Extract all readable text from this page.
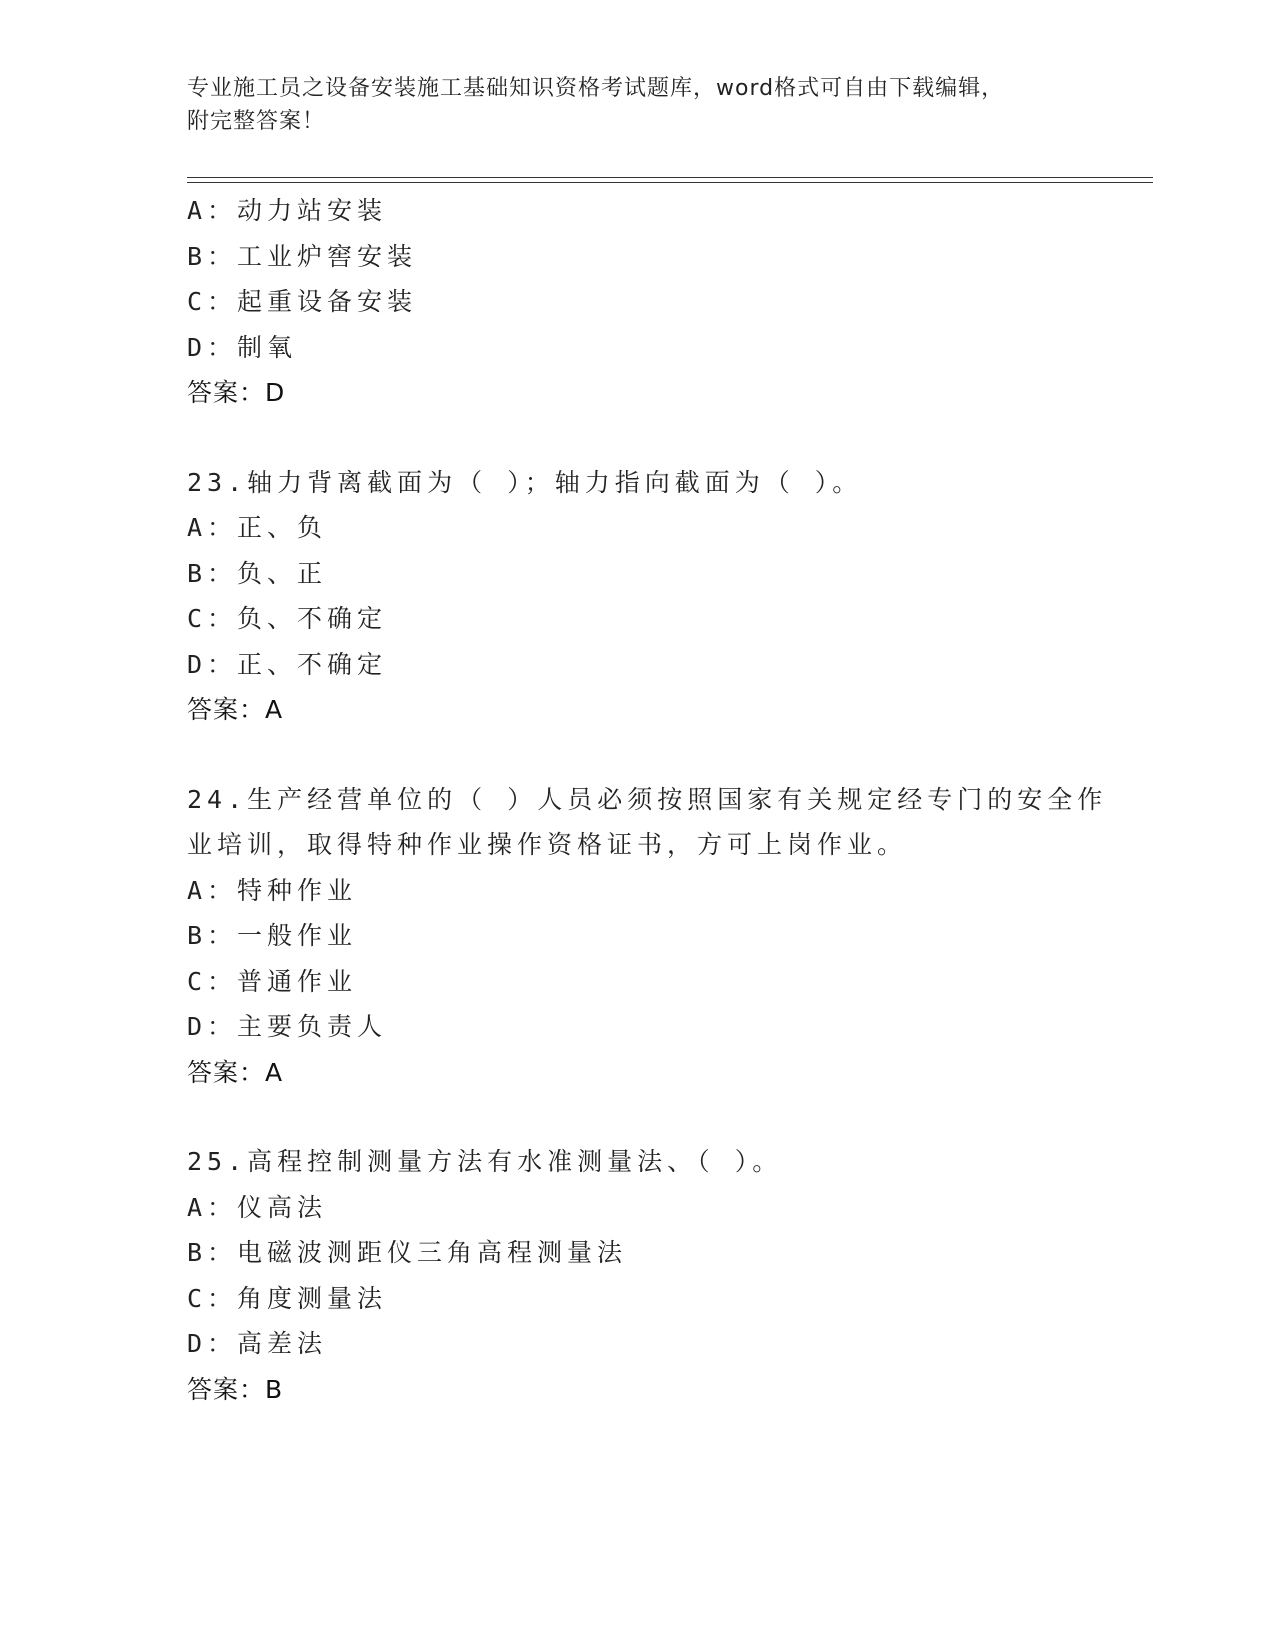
专业施工员之设备安装施工基础知识资格考试题库，word格式可自由下载编辑，
附完整答案！
A：动力站安装
B：工业炉窖安装
C：起重设备安装
D：制氧
答案：D
23.轴力背离截面为（ ）；轴力指向截面为（ ）。
A：正、负
B：负、正
C：负、不确定
D：正、不确定
答案：A
24.生产经营单位的（ ）人员必须按照国家有关规定经专门的安全作
业培训，取得特种作业操作资格证书，方可上岗作业。
A：特种作业
B：一般作业
C：普通作业
D：主要负责人
答案：A
25.高程控制测量方法有水准测量法、（ ）。
A：仪高法
B：电磁波测距仪三角高程测量法
C：角度测量法
D：高差法
答案：B
